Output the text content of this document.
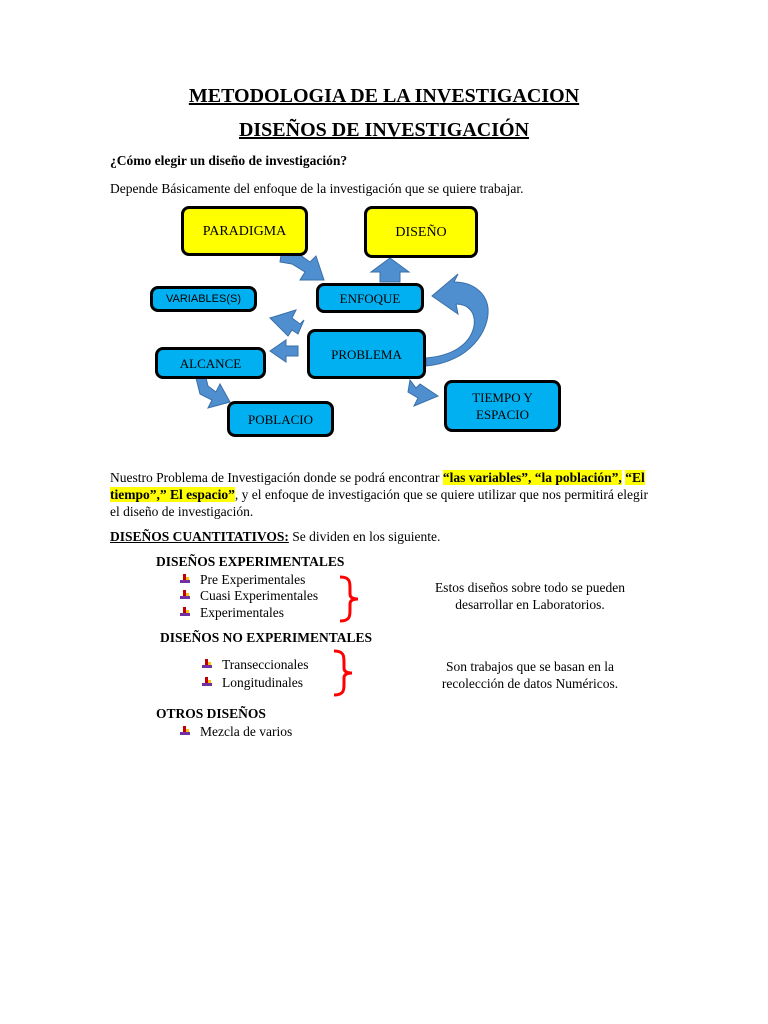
METODOLOGIA DE LA INVESTIGACION
DISEÑOS DE INVESTIGACIÓN
¿Cómo elegir un diseño de investigación?
Depende Básicamente del enfoque de la investigación que se quiere trabajar.
PARADIGMA	DISEÑO
VARIABLES(S)	ENFOQUE
PROBLEMA
ALCANCE
TIEMPO Y
ESPACIO
POBLACIO
Nuestro Problema de Investigación donde se podrá encontrar “las variables”, “la población”, “El tiempo”,” El espacio”, y el enfoque de investigación que se quiere utilizar que nos permitirá elegir el diseño de investigación.
DISEÑOS CUANTITATIVOS: Se dividen en los siguiente.
DISEÑOS EXPERIMENTALES
Pre Experimentales
Cuasi Experimentales
Experimentales
Estos diseños sobre todo se pueden
desarrollar en Laboratorios.
DISEÑOS NO EXPERIMENTALES
Transeccionales
Longitudinales
Son trabajos que se basan en la
recolección de datos Numéricos.
OTROS DISEÑOS
Mezcla de varios
